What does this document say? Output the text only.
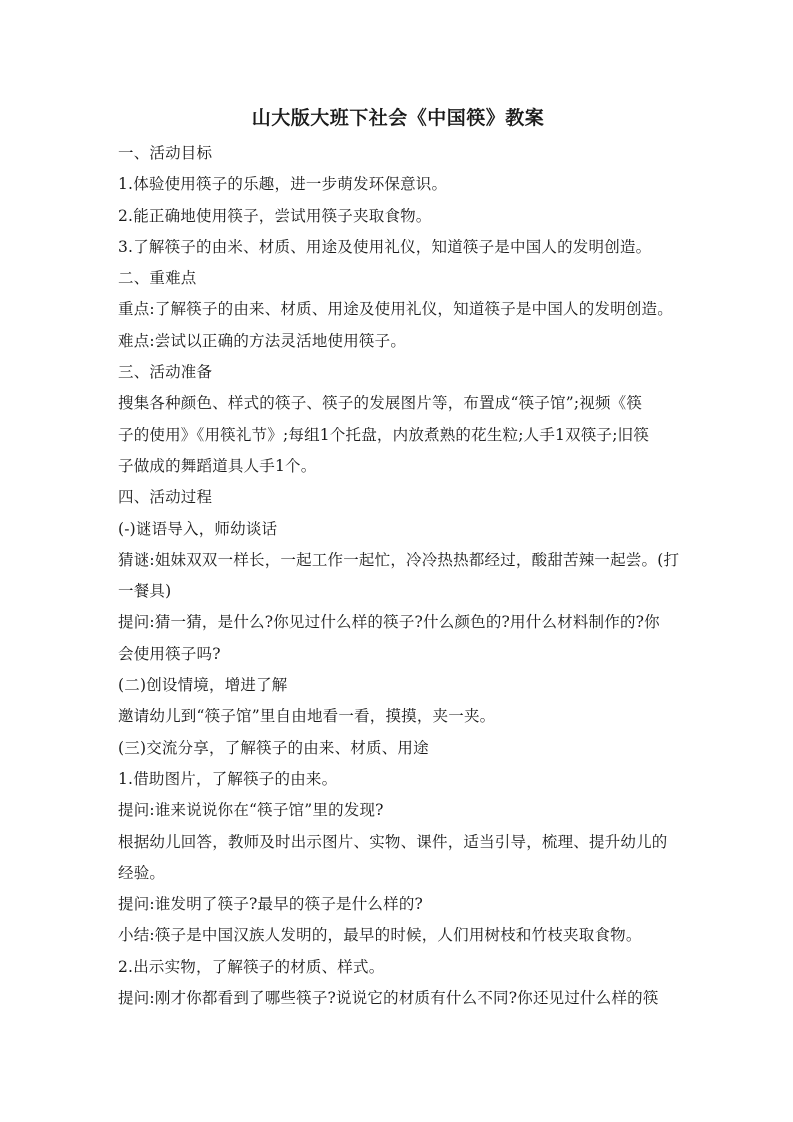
山大版大班下社会《中国筷》教案

一、活动目标

1.体验使用筷子的乐趣，进一步萌发环保意识。

2.能正确地使用筷子，尝试用筷子夹取食物。

3.了解筷子的由米、材质、用途及使用礼仪，知道筷子是中国人的发明创造。

二、重难点

重点:了解筷子的由来、材质、用途及使用礼仪，知道筷子是中国人的发明创造。

难点:尝试以正确的方法灵活地使用筷子。

三、活动准备

搜集各种颜色、样式的筷子、筷子的发展图片等，布置成“筷子馆”;视频《筷

子的使用》《用筷礼节》;每组1个托盘，内放煮熟的花生粒;人手1双筷子;旧筷

子做成的舞蹈道具人手1个。

四、活动过程

(-)谜语导入，师幼谈话

猜谜:姐妹双双一样长，一起工作一起忙，冷冷热热都经过，酸甜苦辣一起尝。(打

一餐具)

提问:猜一猜，是什么?你见过什么样的筷子?什么颜色的?用什么材料制作的?你

会使用筷子吗?

(二)创设情境，增进了解

邀请幼儿到“筷子馆”里自由地看一看，摸摸，夹一夹。

(三)交流分享，了解筷子的由来、材质、用途

1.借助图片，了解筷子的由来。

提问:谁来说说你在“筷子馆”里的发现?

根据幼儿回答，教师及时出示图片、实物、课件，适当引导，梳理、提升幼儿的

经验。

提问:谁发明了筷子?最早的筷子是什么样的?

小结:筷子是中国汉族人发明的，最早的时候，人们用树枝和竹枝夹取食物。

2.出示实物，了解筷子的材质、样式。

提问:刚才你都看到了哪些筷子?说说它的材质有什么不同?你还见过什么样的筷
